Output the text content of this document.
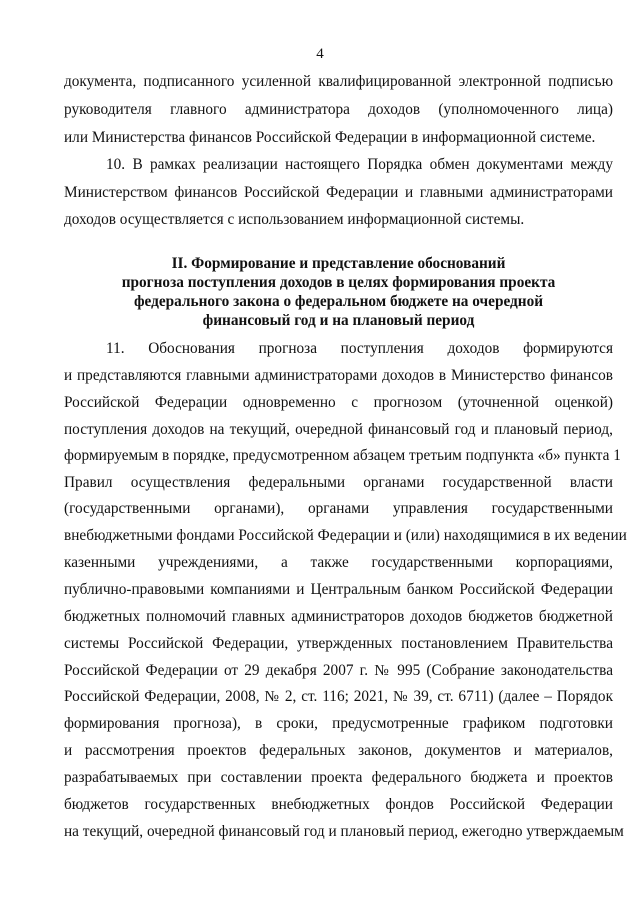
4
документа, подписанного усиленной квалифицированной электронной подписью
руководителя главного администратора доходов (уполномоченного лица)
или Министерства финансов Российской Федерации в информационной системе.
10. В рамках реализации настоящего Порядка обмен документами между
Министерством финансов Российской Федерации и главными администраторами
доходов осуществляется с использованием информационной системы.
II. Формирование и представление обоснований
прогноза поступления доходов в целях формирования проекта
федерального закона о федеральном бюджете на очередной
финансовый год и на плановый период
11. Обоснования прогноза поступления доходов формируются
и представляются главными администраторами доходов в Министерство финансов
Российской Федерации одновременно с прогнозом (уточненной оценкой)
поступления доходов на текущий, очередной финансовый год и плановый период,
формируемым в порядке, предусмотренном абзацем третьим подпункта «б» пункта 1
Правил осуществления федеральными органами государственной власти
(государственными органами), органами управления государственными
внебюджетными фондами Российской Федерации и (или) находящимися в их ведении
казенными учреждениями, а также государственными корпорациями,
публично-правовыми компаниями и Центральным банком Российской Федерации
бюджетных полномочий главных администраторов доходов бюджетов бюджетной
системы Российской Федерации, утвержденных постановлением Правительства
Российской Федерации от 29 декабря 2007 г. № 995 (Собрание законодательства
Российской Федерации, 2008, № 2, ст. 116; 2021, № 39, ст. 6711) (далее – Порядок
формирования прогноза), в сроки, предусмотренные графиком подготовки
и рассмотрения проектов федеральных законов, документов и материалов,
разрабатываемых при составлении проекта федерального бюджета и проектов
бюджетов государственных внебюджетных фондов Российской Федерации
на текущий, очередной финансовый год и плановый период, ежегодно утверждаемым
